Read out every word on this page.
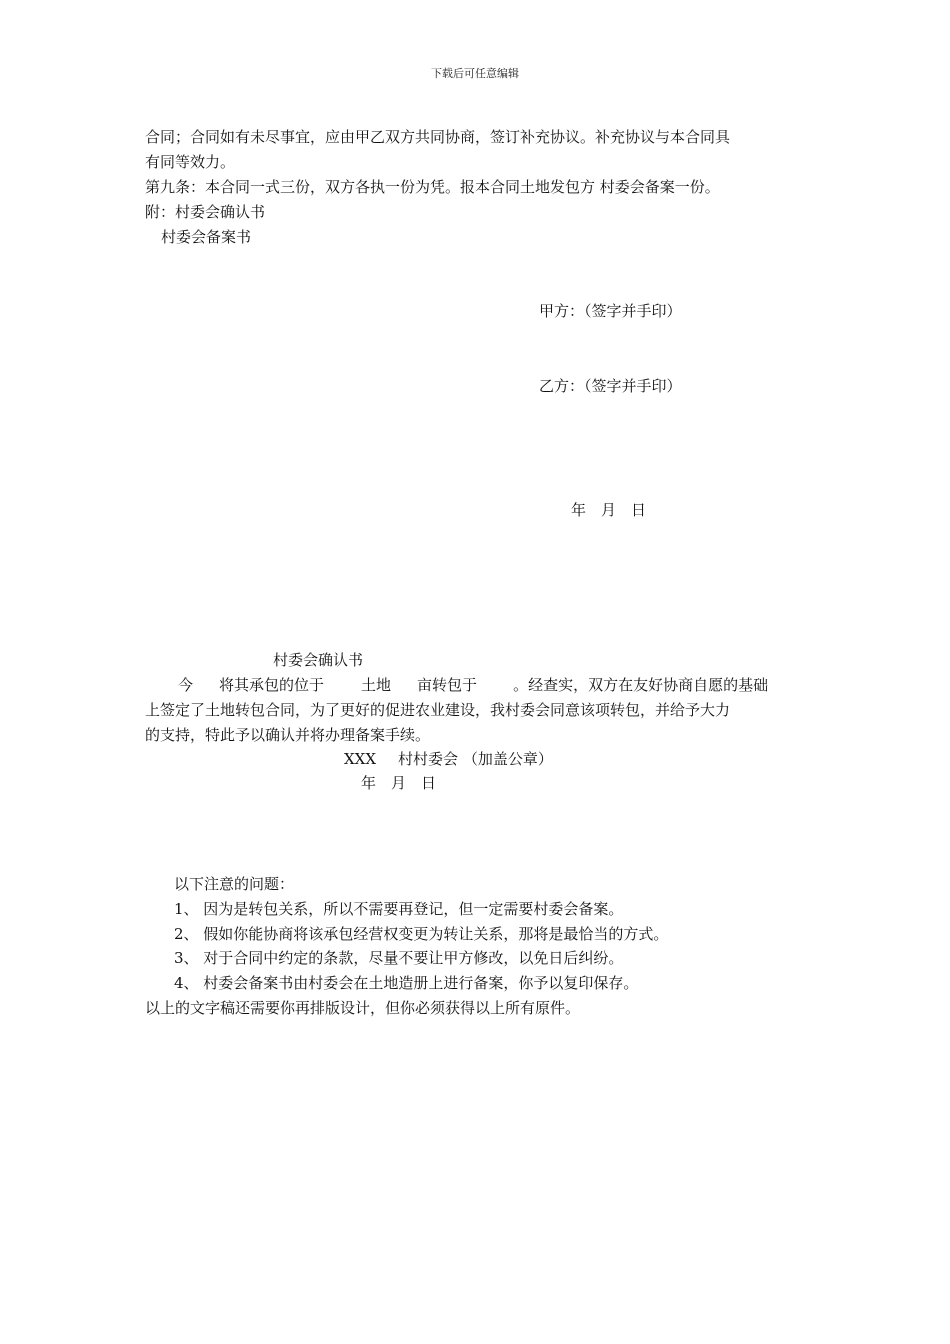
下载后可任意编辑
合同；合同如有未尽事宜，应由甲乙双方共同协商，签订补充协议。补充协议与本合同具
有同等效力。
第九条：本合同一式三份，双方各执一份为凭。报本合同土地发包方 村委会备案一份。
附：村委会确认书
村委会备案书
甲方：（签字并手印）
乙方：（签字并手印）
年　月　日
村委会确认书
今 将其承包的位于 土地 亩转包于 。经查实，双方在友好协商自愿的基础
上签定了土地转包合同，为了更好的促进农业建设，我村委会同意该项转包，并给予大力
的支持，特此予以确认并将办理备案手续。
XXX 村村委会 （加盖公章）
年　月　日
以下注意的问题：
1、 因为是转包关系，所以不需要再登记，但一定需要村委会备案。
2、 假如你能协商将该承包经营权变更为转让关系，那将是最恰当的方式。
3、 对于合同中约定的条款，尽量不要让甲方修改，以免日后纠纷。
4、 村委会备案书由村委会在土地造册上进行备案，你予以复印保存。
以上的文字稿还需要你再排版设计，但你必须获得以上所有原件。
